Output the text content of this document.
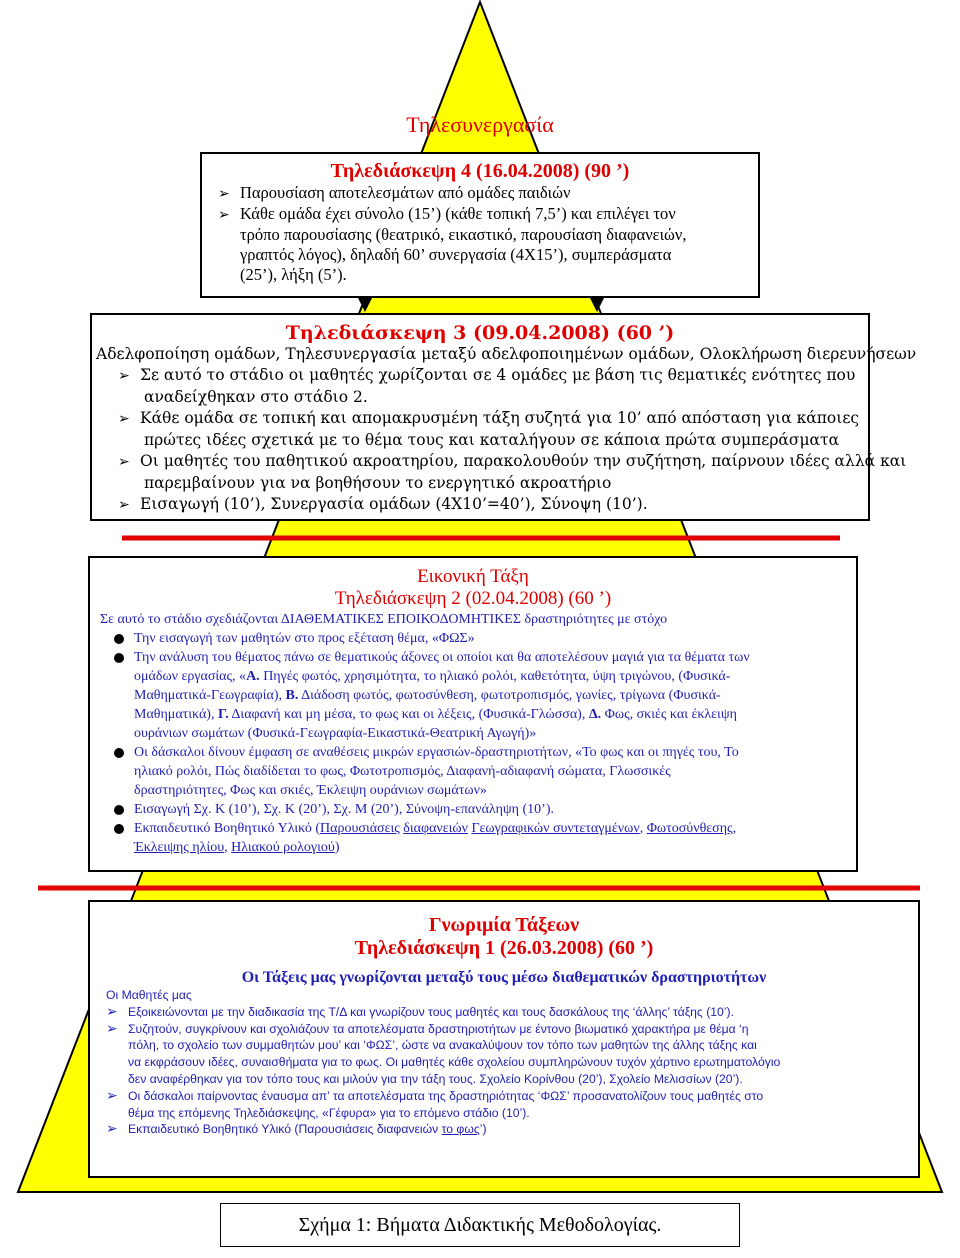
Τηλεσυνεργασία
Τηλεδιάσκεψη 4 (16.04.2008) (90 ’)
➢ Παρουσίαση αποτελεσμάτων από ομάδες παιδιών
➢ Κάθε ομάδα έχει σύνολο (15’) (κάθε τοπική 7,5’) και επιλέγει τον
τρόπο παρουσίασης (θεατρικό, εικαστικό, παρουσίαση διαφανειών,
γραπτός λόγος), δηλαδή 60’ συνεργασία (4Χ15’), συμπεράσματα
(25’), λήξη (5’).
Τηλεδιάσκεψη 3 (09.04.2008) (60 ’)
Αδελφοποίηση ομάδων, Τηλεσυνεργασία μεταξύ αδελφοποιημένων ομάδων, Ολοκλήρωση διερευνήσεων
➢ Σε αυτό το στάδιο οι μαθητές χωρίζονται σε 4 ομάδες με βάση τις θεματικές ενότητες που
αναδείχθηκαν στο στάδιο 2.
➢ Κάθε ομάδα σε τοπική και απομακρυσμένη τάξη συζητά για 10’ από απόσταση για κάποιες
πρώτες ιδέες σχετικά με το θέμα τους και καταλήγουν σε κάποια πρώτα συμπεράσματα
➢ Οι μαθητές του παθητικού ακροατηρίου, παρακολουθούν την συζήτηση, παίρνουν ιδέες αλλά και
παρεμβαίνουν για να βοηθήσουν το ενεργητικό ακροατήριο
➢ Εισαγωγή (10’), Συνεργασία ομάδων (4Χ10’=40’), Σύνοψη (10’).
Εικονική Τάξη
Τηλεδιάσκεψη 2 (02.04.2008) (60 ’)
Σε αυτό το στάδιο σχεδιάζονται ΔΙΑΘΕΜΑΤΙΚΕΣ ΕΠΟΙΚΟΔΟΜΗΤΙΚΕΣ δραστηριότητες με στόχο
Την εισαγωγή των μαθητών στο προς εξέταση θέμα, «ΦΩΣ»
Την ανάλυση του θέματος πάνω σε θεματικούς άξονες οι οποίοι και θα αποτελέσουν μαγιά για τα θέματα των
ομάδων εργασίας, «Α. Πηγές φωτός, χρησιμότητα, το ηλιακό ρολόι, καθετότητα, ύψη τριγώνου, (Φυσικά-
Μαθηματικά-Γεωγραφία), Β. Διάδοση φωτός, φωτοσύνθεση, φωτοτροπισμός, γωνίες, τρίγωνα (Φυσικά-
Μαθηματικά), Γ. Διαφανή και μη μέσα, το φως και οι λέξεις, (Φυσικά-Γλώσσα), Δ. Φως, σκιές και έκλειψη
ουράνιων σωμάτων (Φυσικά-Γεωγραφία-Εικαστικά-Θεατρική Αγωγή)»
Οι δάσκαλοι δίνουν έμφαση σε αναθέσεις μικρών εργασιών-δραστηριοτήτων, «Το φως και οι πηγές του, Το
ηλιακό ρολόι, Πώς διαδίδεται το φως, Φωτοτροπισμός, Διαφανή-αδιαφανή σώματα, Γλωσσικές
δραστηριότητες, Φως και σκιές, Έκλειψη ουράνιων σωμάτων»
Εισαγωγή Σχ. Κ (10’), Σχ. Κ (20’), Σχ. Μ (20’), Σύνοψη-επανάληψη (10’).
Εκπαιδευτικό Βοηθητικό Υλικό (Παρουσιάσεις διαφανειών Γεωγραφικών συντεταγμένων, Φωτοσύνθεσης,
Έκλειψης ηλίου, Ηλιακού ρολογιού)
Γνωριμία Τάξεων
Τηλεδιάσκεψη 1 (26.03.2008) (60 ’)
Οι Τάξεις μας γνωρίζονται μεταξύ τους μέσω διαθεματικών δραστηριοτήτων
Οι Μαθητές μας
➢ Εξοικειώνονται με την διαδικασία της Τ/Δ και γνωρίζουν τους μαθητές και τους δασκάλους της ‘άλλης’ τάξης (10’).
➢ Συζητούν, συγκρίνουν και σχολιάζουν τα αποτελέσματα δραστηριοτήτων με έντονο βιωματικό χαρακτήρα με θέμα ‘η
πόλη, το σχολείο των συμμαθητών μου’ και ‘ΦΩΣ’, ώστε να ανακαλύψουν τον τόπο των μαθητών της άλλης τάξης και
να εκφράσουν ιδέες, συναισθήματα για το φως. Οι μαθητές κάθε σχολείου συμπληρώνουν τυχόν χάρτινο ερωτηματολόγιο
δεν αναφέρθηκαν για τον τόπο τους και μιλούν για την τάξη τους. Σχολείο Κορίνθου (20’), Σχολείο Μελισσίων (20’).
➢ Οι δάσκαλοι παίρνοντας έναυσμα απ’ τα αποτελέσματα της δραστηριότητας ‘ΦΩΣ’ προσανατολίζουν τους μαθητές στο
θέμα της επόμενης Τηλεδιάσκεψης, «Γέφυρα» για το επόμενο στάδιο (10’).
➢ Εκπαιδευτικό Βοηθητικό Υλικό (Παρουσιάσεις διαφανειών το φως’)
Σχήμα 1: Βήματα Διδακτικής Μεθοδολογίας.
